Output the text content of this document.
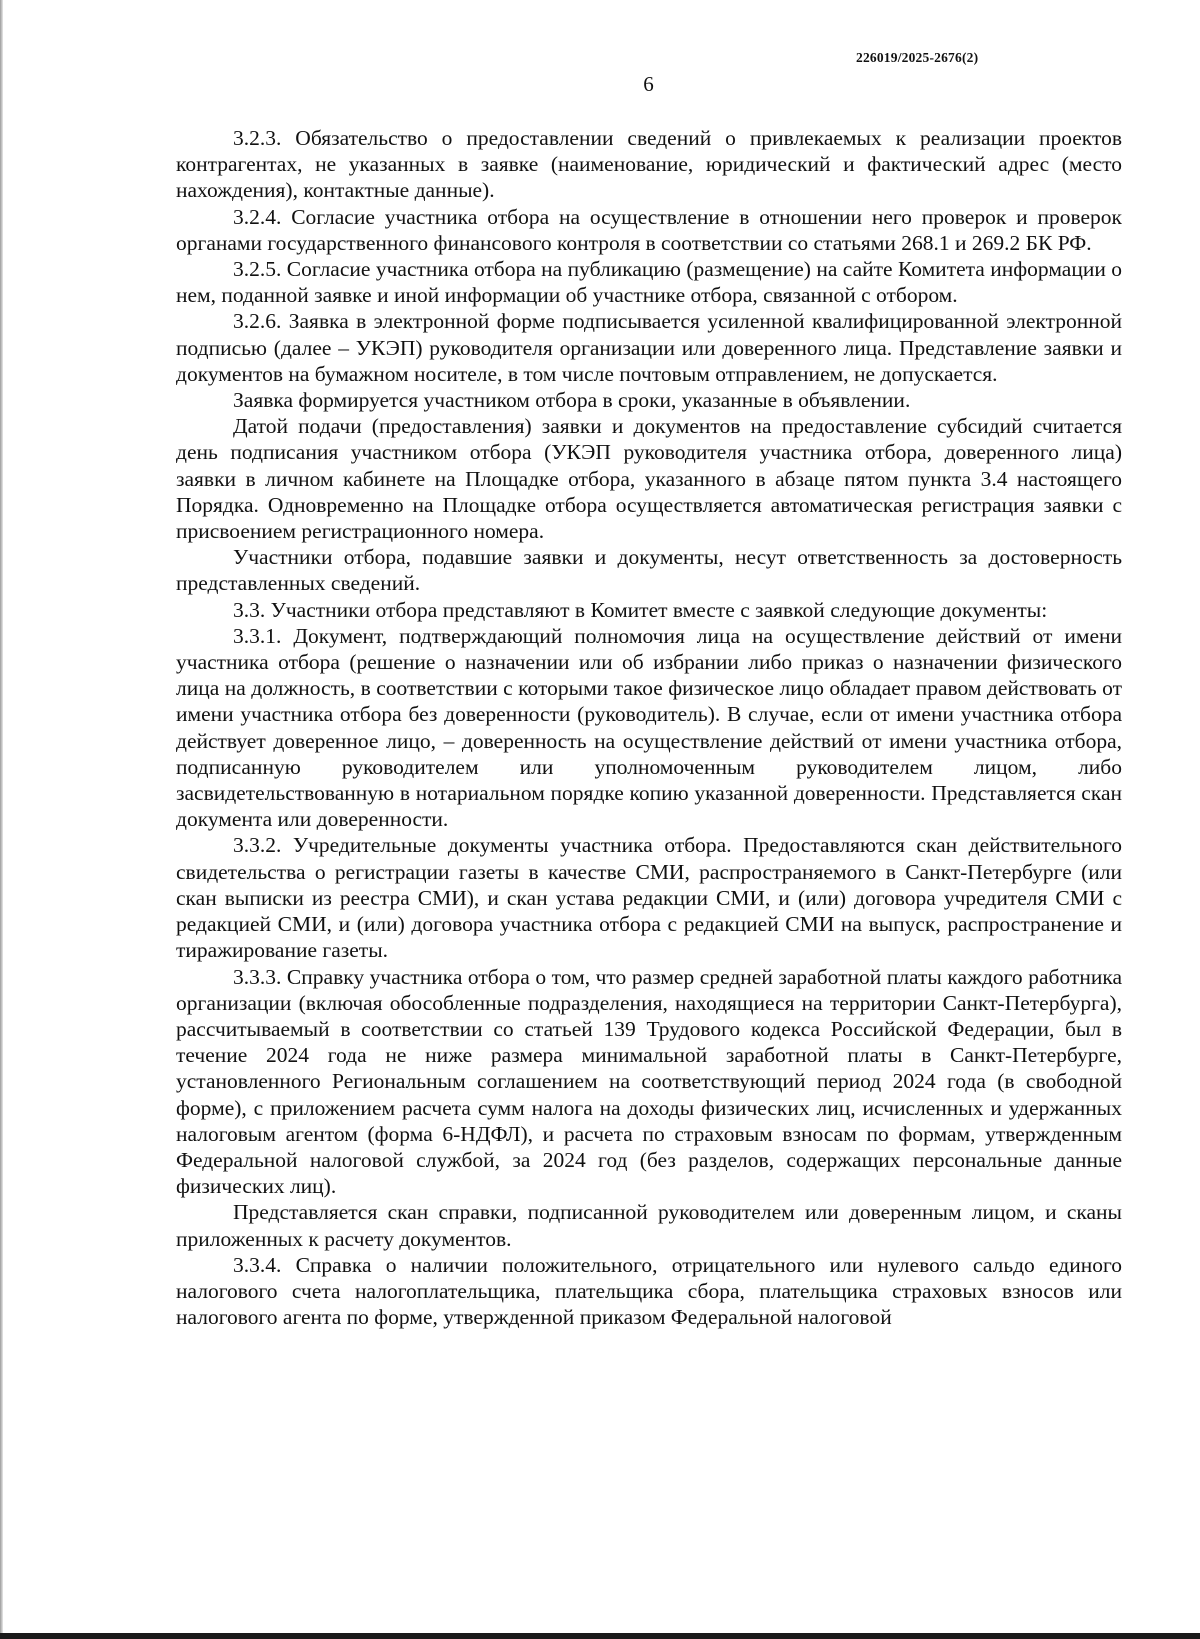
226019/2025-2676(2)
6

3.2.3. Обязательство о предоставлении сведений о привлекаемых к реализации проектов контрагентах, не указанных в заявке (наименование, юридический и фактический адрес (место нахождения), контактные данные).

3.2.4. Согласие участника отбора на осуществление в отношении него проверок и проверок органами государственного финансового контроля в соответствии со статьями 268.1 и 269.2 БК РФ.

3.2.5. Согласие участника отбора на публикацию (размещение) на сайте Комитета информации о нем, поданной заявке и иной информации об участнике отбора, связанной с отбором.

3.2.6. Заявка в электронной форме подписывается усиленной квалифицированной электронной подписью (далее – УКЭП) руководителя организации или доверенного лица. Представление заявки и документов на бумажном носителе, в том числе почтовым отправлением, не допускается.

Заявка формируется участником отбора в сроки, указанные в объявлении.

Датой подачи (предоставления) заявки и документов на предоставление субсидий считается день подписания участником отбора (УКЭП руководителя участника отбора, доверенного лица) заявки в личном кабинете на Площадке отбора, указанного в абзаце пятом пункта 3.4 настоящего Порядка. Одновременно на Площадке отбора осуществляется автоматическая регистрация заявки с присвоением регистрационного номера.

Участники отбора, подавшие заявки и документы, несут ответственность за достоверность представленных сведений.

3.3. Участники отбора представляют в Комитет вместе с заявкой следующие документы:

3.3.1. Документ, подтверждающий полномочия лица на осуществление действий от имени участника отбора (решение о назначении или об избрании либо приказ о назначении физического лица на должность, в соответствии с которыми такое физическое лицо обладает правом действовать от имени участника отбора без доверенности (руководитель). В случае, если от имени участника отбора действует доверенное лицо, – доверенность на осуществление действий от имени участника отбора, подписанную руководителем или уполномоченным руководителем лицом, либо засвидетельствованную в нотариальном порядке копию указанной доверенности. Представляется скан документа или доверенности.

3.3.2. Учредительные документы участника отбора. Предоставляются скан действительного свидетельства о регистрации газеты в качестве СМИ, распространяемого в Санкт-Петербурге (или скан выписки из реестра СМИ), и скан устава редакции СМИ, и (или) договора учредителя СМИ с редакцией СМИ, и (или) договора участника отбора с редакцией СМИ на выпуск, распространение и тиражирование газеты.

3.3.3. Справку участника отбора о том, что размер средней заработной платы каждого работника организации (включая обособленные подразделения, находящиеся на территории Санкт-Петербурга), рассчитываемый в соответствии со статьей 139 Трудового кодекса Российской Федерации, был в течение 2024 года не ниже размера минимальной заработной платы в Санкт-Петербурге, установленного Региональным соглашением на соответствующий период 2024 года (в свободной форме), с приложением расчета сумм налога на доходы физических лиц, исчисленных и удержанных налоговым агентом (форма 6-НДФЛ), и расчета по страховым взносам по формам, утвержденным Федеральной налоговой службой, за 2024 год (без разделов, содержащих персональные данные физических лиц).

Представляется скан справки, подписанной руководителем или доверенным лицом, и сканы приложенных к расчету документов.

3.3.4. Справка о наличии положительного, отрицательного или нулевого сальдо единого налогового счета налогоплательщика, плательщика сбора, плательщика страховых взносов или налогового агента по форме, утвержденной приказом Федеральной налоговой
